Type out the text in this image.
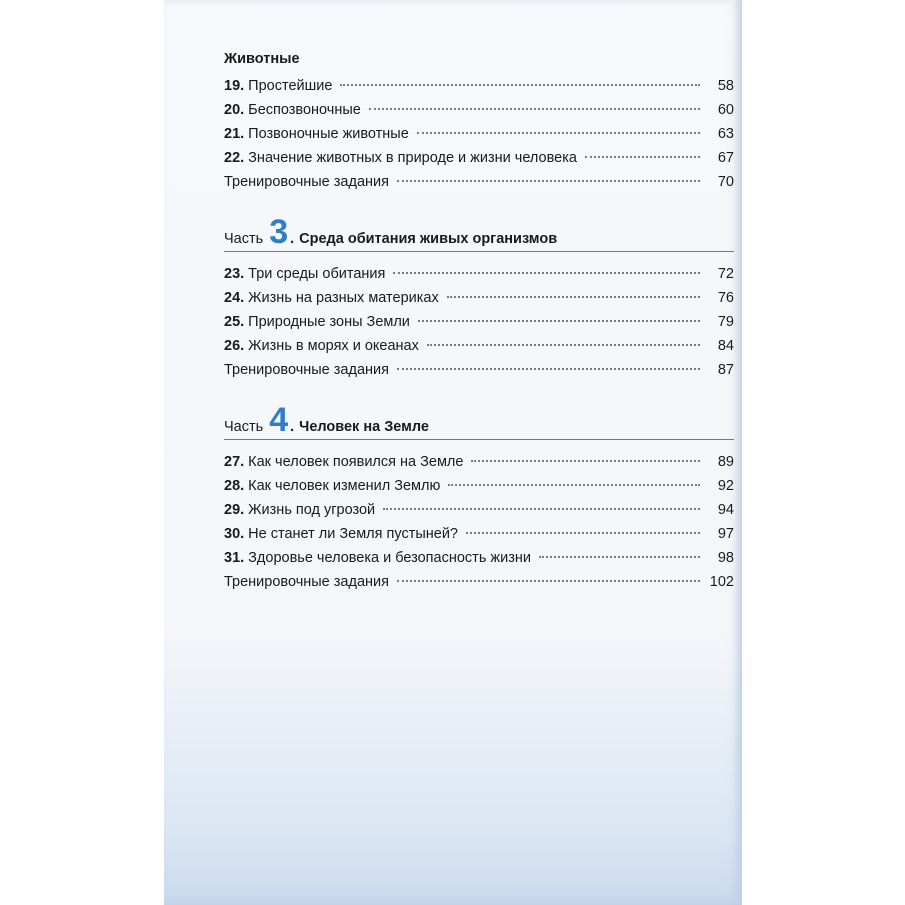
Животные
19. Простейшие	58
20. Беспозвоночные	60
21. Позвоночные животные	63
22. Значение животных в природе и жизни человека	67
Тренировочные задания	70
Часть 3 . Среда обитания живых организмов
23. Три среды обитания	72
24. Жизнь на разных материках	76
25. Природные зоны Земли	79
26. Жизнь в морях и океанах	84
Тренировочные задания	87
Часть 4 . Человек на Земле
27. Как человек появился на Земле	89
28. Как человек изменил Землю	92
29. Жизнь под угрозой	94
30. Не станет ли Земля пустыней?	97
31. Здоровье человека и безопасность жизни	98
Тренировочные задания	102
